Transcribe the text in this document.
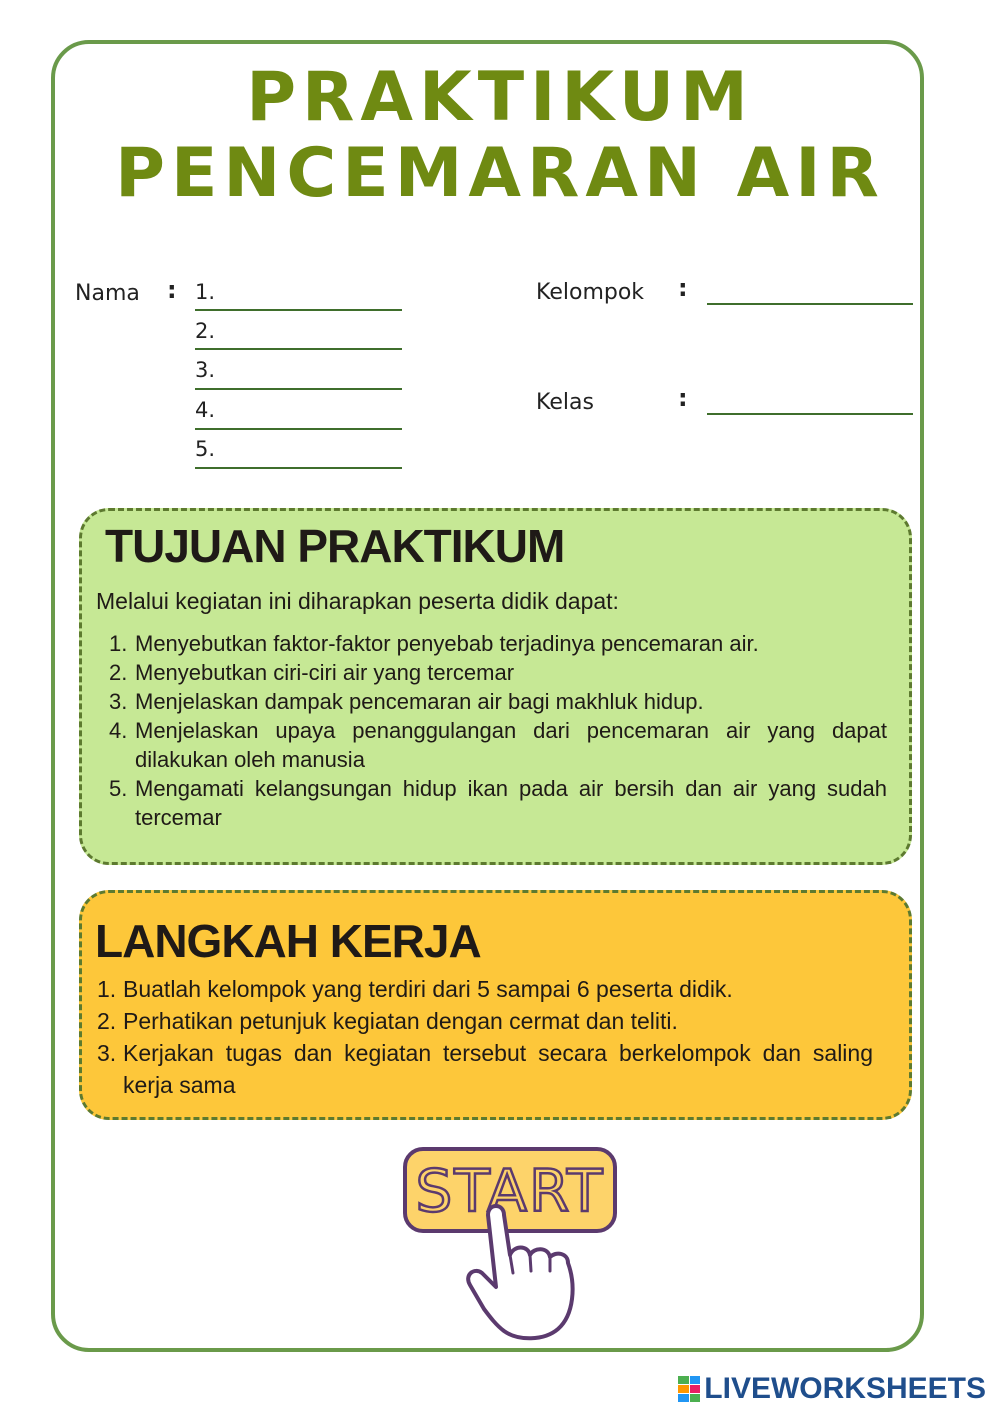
PRAKTIKUM
PENCEMARAN AIR
Nama : 1.
2.
3.
4.
5.
Kelompok :
Kelas	:
TUJUAN PRAKTIKUM
Melalui kegiatan ini diharapkan peserta didik dapat:
1. Menyebutkan faktor-faktor penyebab terjadinya pencemaran air.
2. Menyebutkan ciri-ciri air yang tercemar
3. Menjelaskan dampak pencemaran air bagi makhluk hidup.
4. Menjelaskan upaya penanggulangan dari pencemaran air yang dapat dilakukan oleh manusia
5. Mengamati kelangsungan hidup ikan pada air bersih dan air yang sudah tercemar
LANGKAH KERJA
1. Buatlah kelompok yang terdiri dari 5 sampai 6 peserta didik.
2. Perhatikan petunjuk kegiatan dengan cermat dan teliti.
3. Kerjakan tugas dan kegiatan tersebut secara berkelompok dan saling kerja sama
START
LIVEWORKSHEETS
